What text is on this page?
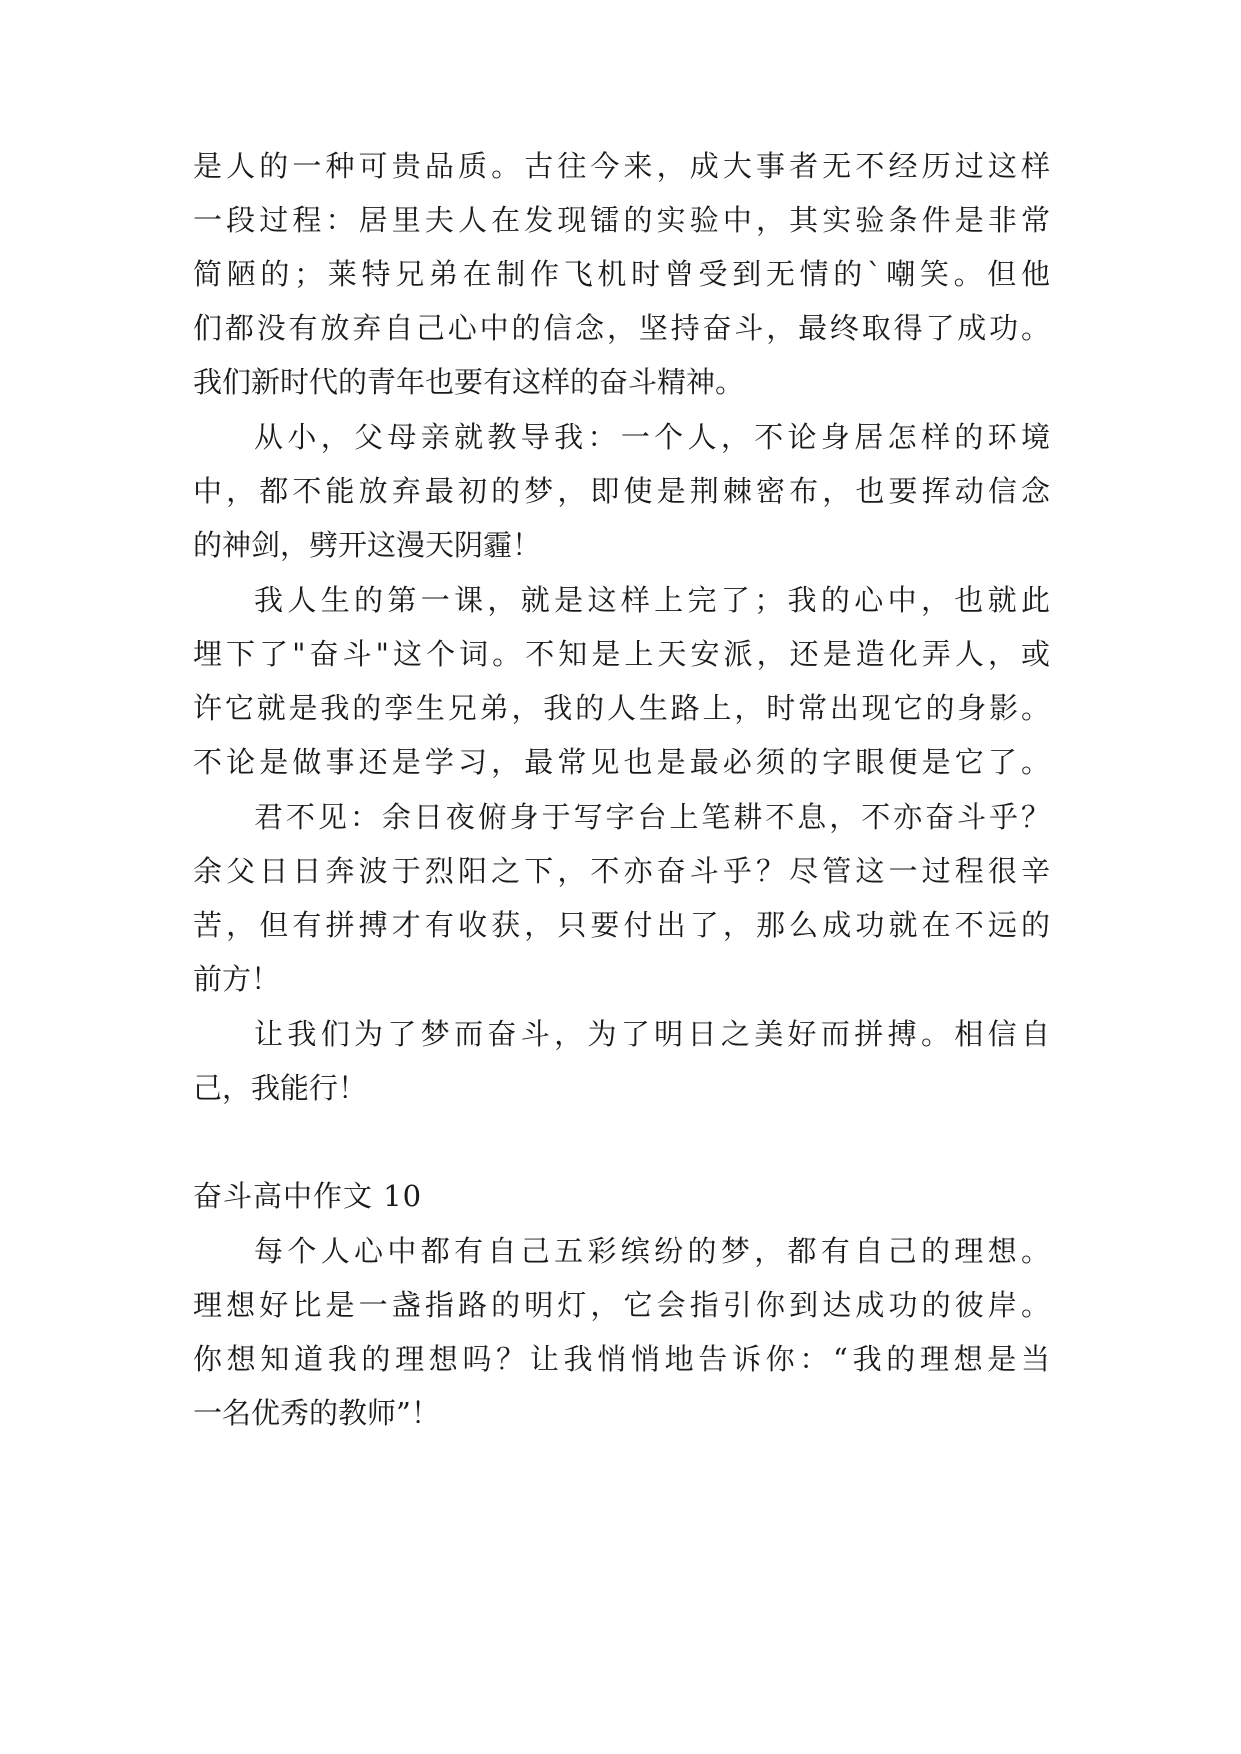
是人的一种可贵品质。古往今来，成大事者无不经历过这样
一段过程：居里夫人在发现镭的实验中，其实验条件是非常
简陋的；莱特兄弟在制作飞机时曾受到无情的`嘲笑。但他
们都没有放弃自己心中的信念，坚持奋斗，最终取得了成功。
我们新时代的青年也要有这样的奋斗精神。
从小，父母亲就教导我：一个人，不论身居怎样的环境
中，都不能放弃最初的梦，即使是荆棘密布，也要挥动信念
的神剑，劈开这漫天阴霾！
我人生的第一课，就是这样上完了；我的心中，也就此
埋下了"奋斗"这个词。不知是上天安派，还是造化弄人，或
许它就是我的孪生兄弟，我的人生路上，时常出现它的身影。
不论是做事还是学习，最常见也是最必须的字眼便是它了。
君不见：余日夜俯身于写字台上笔耕不息，不亦奋斗乎？
余父日日奔波于烈阳之下，不亦奋斗乎？尽管这一过程很辛
苦，但有拼搏才有收获，只要付出了，那么成功就在不远的
前方！
让我们为了梦而奋斗，为了明日之美好而拼搏。相信自
己，我能行！
奋斗高中作文 10
每个人心中都有自己五彩缤纷的梦，都有自己的理想。
理想好比是一盏指路的明灯，它会指引你到达成功的彼岸。
你想知道我的理想吗？让我悄悄地告诉你：“我的理想是当
一名优秀的教师”！
